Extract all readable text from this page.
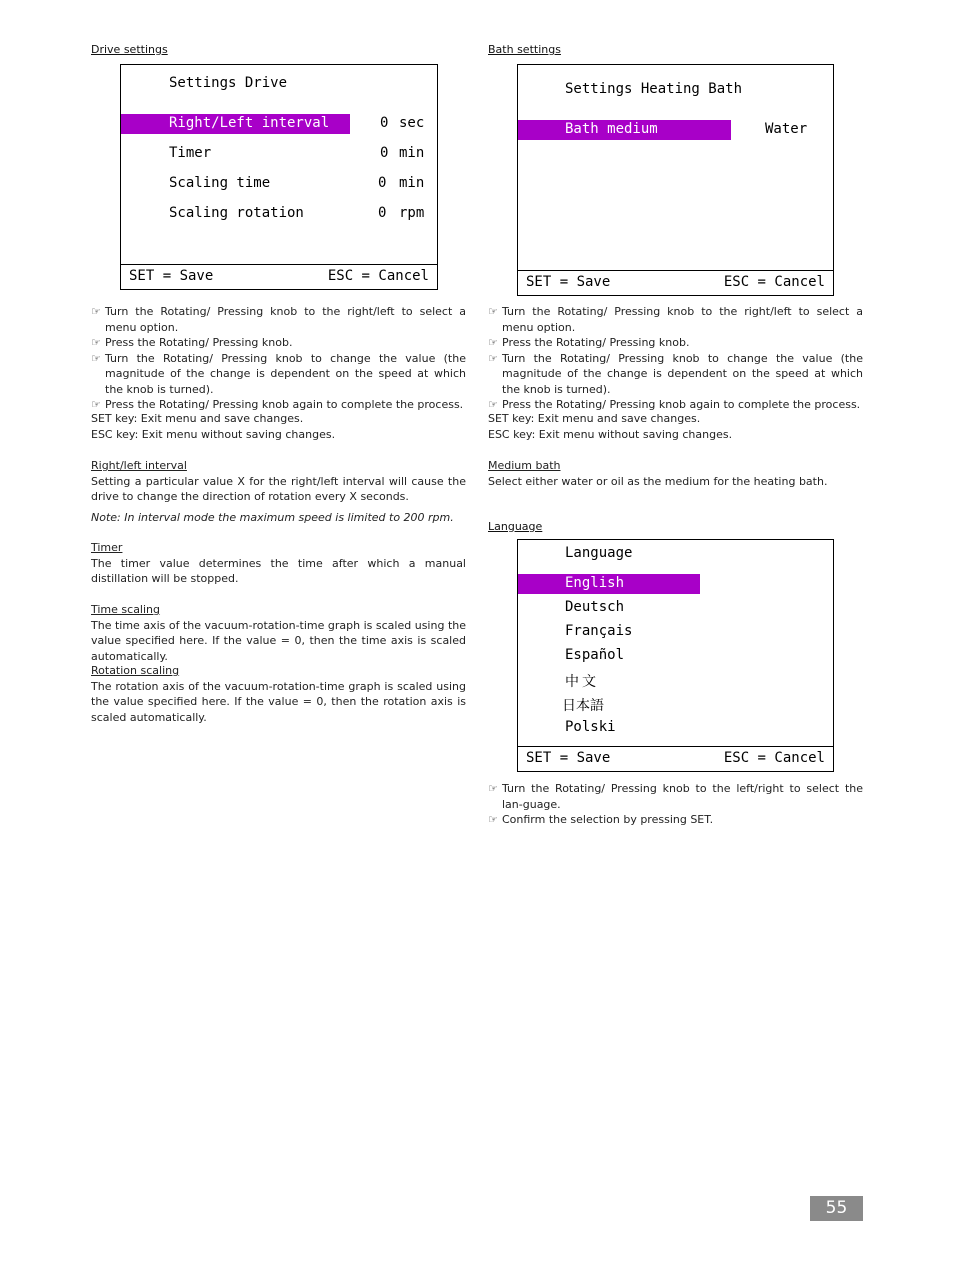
Drive settings
Settings Drive
Right/Left interval	0 sec
Timer	0 min
Scaling time	0 min
Scaling rotation	0 rpm
SET = Save	ESC = Cancel
☞ Turn the Rotating/ Pressing knob to the right/left to select a menu option.
☞ Press the Rotating/ Pressing knob.
☞ Turn the Rotating/ Pressing knob to change the value (the magnitude of the change is dependent on the speed at which the knob is turned).
☞ Press the Rotating/ Pressing knob again to complete the process.
SET key: Exit menu and save changes.
ESC key: Exit menu without saving changes.
Right/left interval
Setting a particular value X for the right/left interval will cause the drive to change the direction of rotation every X seconds.
Note: In interval mode the maximum speed is limited to 200 rpm.
Timer
The timer value determines the time after which a manual distillation will be stopped.
Time scaling
The time axis of the vacuum-rotation-time graph is scaled using the value specified here. If the value = 0, then the time axis is scaled automatically.
Rotation scaling
The rotation axis of the vacuum-rotation-time graph is scaled using the value specified here. If the value = 0, then the rotation axis is scaled automatically.
Bath settings
Settings Heating Bath
Bath medium	Water
SET = Save	ESC = Cancel
☞ Turn the Rotating/ Pressing knob to the right/left to select a menu option.
☞ Press the Rotating/ Pressing knob.
☞ Turn the Rotating/ Pressing knob to change the value (the magnitude of the change is dependent on the speed at which the knob is turned).
☞ Press the Rotating/ Pressing knob again to complete the process.
SET key: Exit menu and save changes.
ESC key: Exit menu without saving changes.
Medium bath
Select either water or oil as the medium for the heating bath.
Language
Language
English
Deutsch
Français
Español
中文
日本語
Polski
SET = Save	ESC = Cancel
☞ Turn the Rotating/ Pressing knob to the left/right to select the lan-guage.
☞ Confirm the selection by pressing SET.
55
